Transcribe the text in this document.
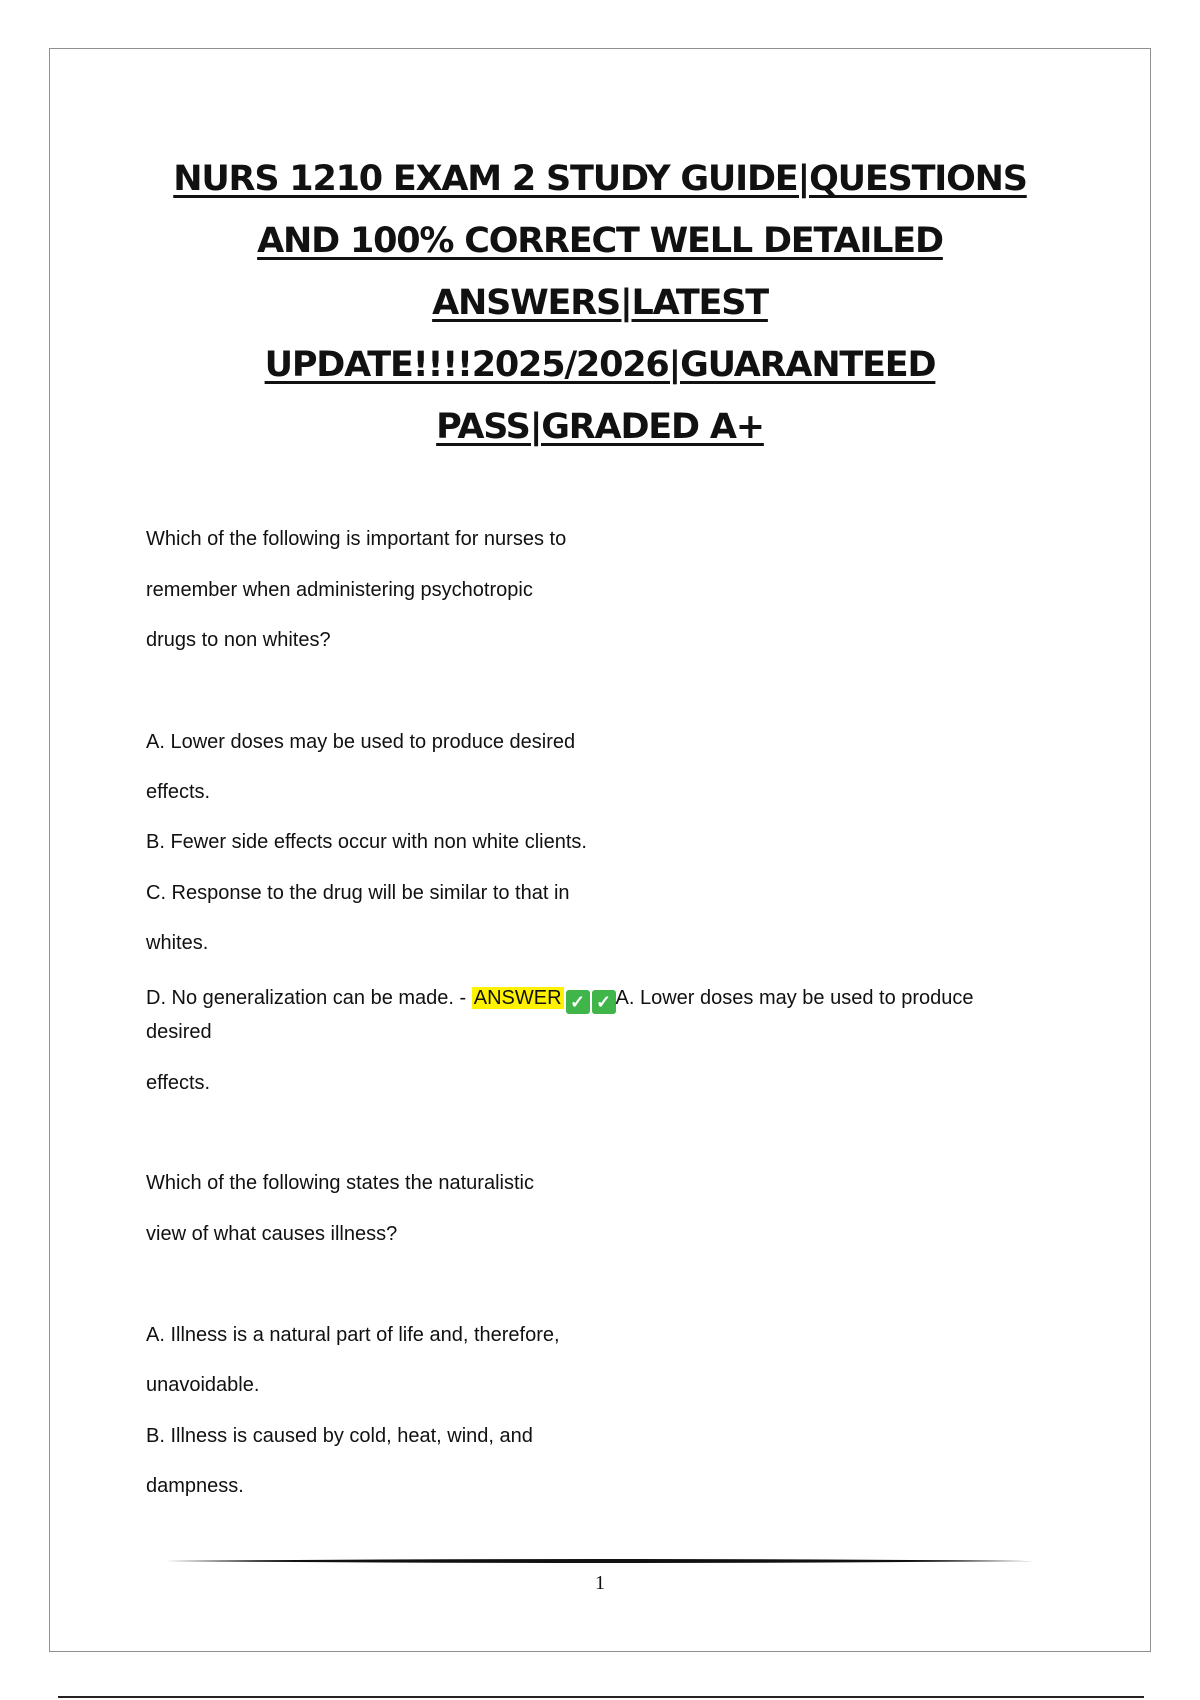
NURS 1210 EXAM 2 STUDY GUIDE|QUESTIONS
AND 100% CORRECT WELL DETAILED
ANSWERS|LATEST
UPDATE!!!!2025/2026|GUARANTEED
PASS|GRADED A+
Which of the following is important for nurses to
remember when administering psychotropic
drugs to non whites?
A. Lower doses may be used to produce desired
effects.
B. Fewer side effects occur with non white clients.
C. Response to the drug will be similar to that in
whites.
D. No generalization can be made. - ANSWER ✓ ✓ A. Lower doses may be used to produce
desired
effects.
Which of the following states the naturalistic
view of what causes illness?
A. Illness is a natural part of life and, therefore,
unavoidable.
B. Illness is caused by cold, heat, wind, and
dampness.
1
